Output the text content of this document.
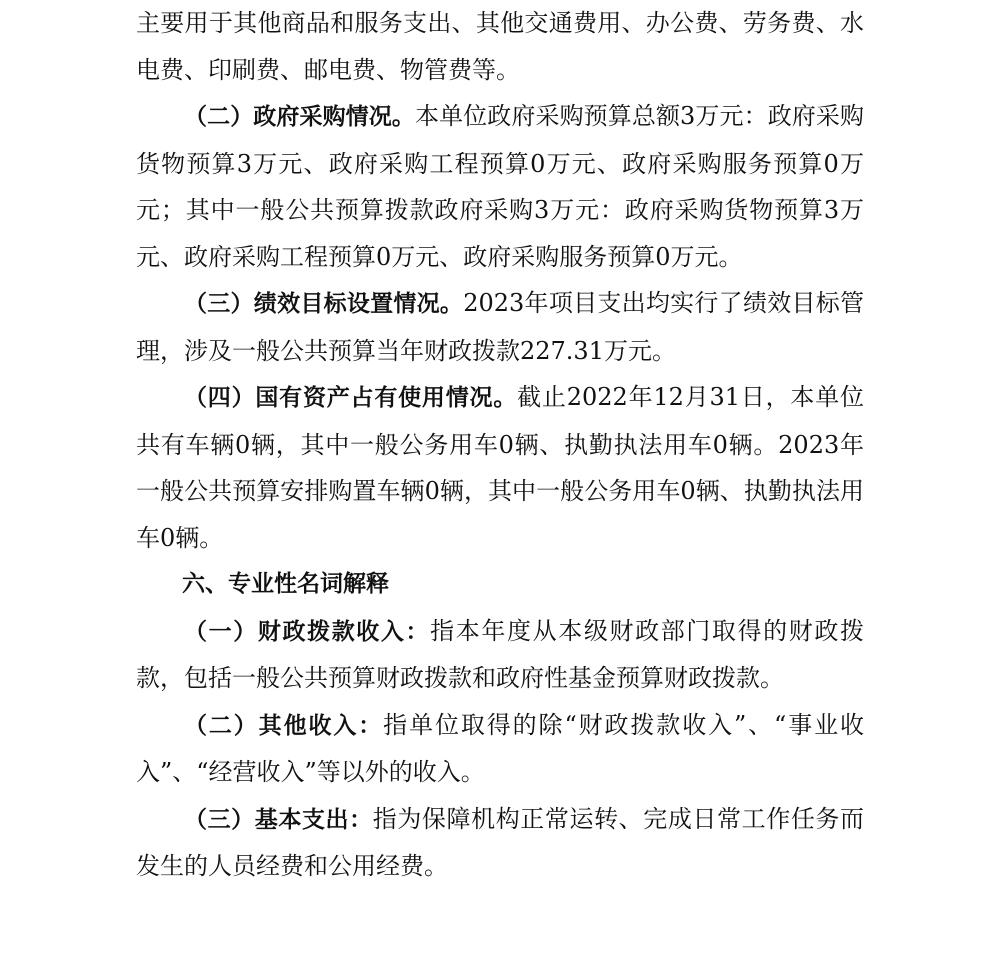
主要用于其他商品和服务支出、其他交通费用、办公费、劳务费、水电费、印刷费、邮电费、物管费等。

（二）政府采购情况。本单位政府采购预算总额3万元：政府采购货物预算3万元、政府采购工程预算0万元、政府采购服务预算0万元；其中一般公共预算拨款政府采购3万元：政府采购货物预算3万元、政府采购工程预算0万元、政府采购服务预算0万元。

（三）绩效目标设置情况。2023年项目支出均实行了绩效目标管理，涉及一般公共预算当年财政拨款227.31万元。

（四）国有资产占有使用情况。截止2022年12月31日，本单位共有车辆0辆，其中一般公务用车0辆、执勤执法用车0辆。2023年一般公共预算安排购置车辆0辆，其中一般公务用车0辆、执勤执法用车0辆。

六、专业性名词解释

（一）财政拨款收入：指本年度从本级财政部门取得的财政拨款，包括一般公共预算财政拨款和政府性基金预算财政拨款。

（二）其他收入：指单位取得的除“财政拨款收入”、“事业收入”、“经营收入”等以外的收入。

（三）基本支出：指为保障机构正常运转、完成日常工作任务而发生的人员经费和公用经费。
